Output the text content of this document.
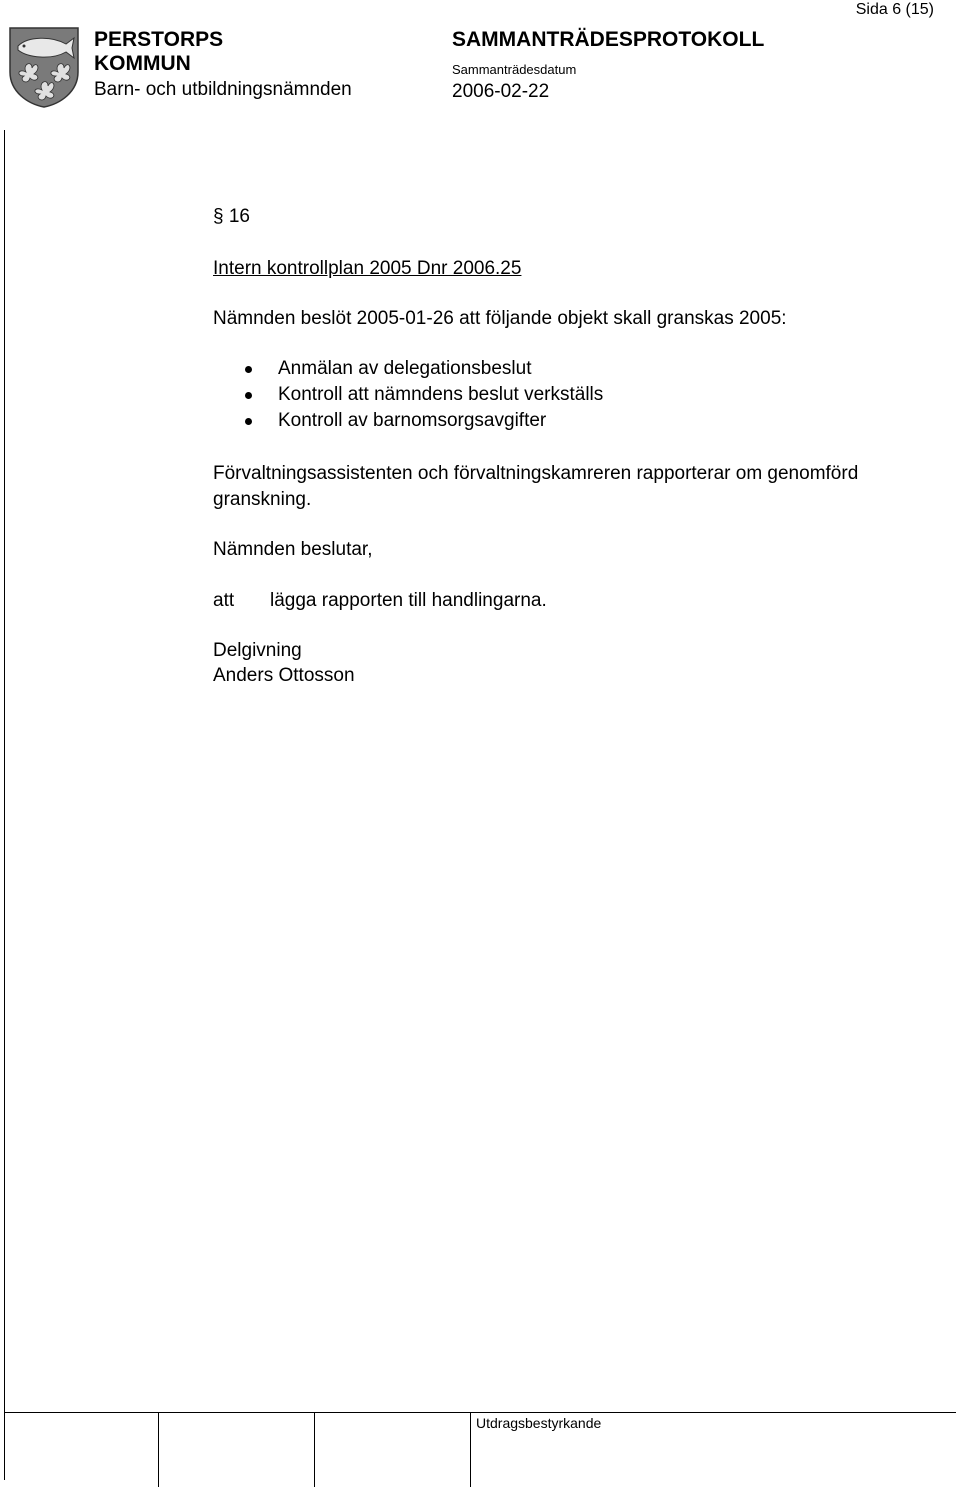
PERSTORPS
KOMMUN
Barn- och utbildningsnämnden
SAMMANTRÄDESPROTOKOLL
Sammanträdesdatum
2006-02-22
Sida 6 (15)
Utdragsbestyrkande
§ 16
Intern kontrollplan 2005 Dnr 2006.25
Nämnden beslöt 2005-01-26 att följande objekt skall granskas 2005:
Anmälan av delegationsbeslut
Kontroll att nämndens beslut verkställs
Kontroll av barnomsorgsavgifter
Förvaltningsassistenten och förvaltningskamreren rapporterar om genomförd granskning.
Nämnden beslutar,
att lägga rapporten till handlingarna.
Delgivning
Anders Ottosson
